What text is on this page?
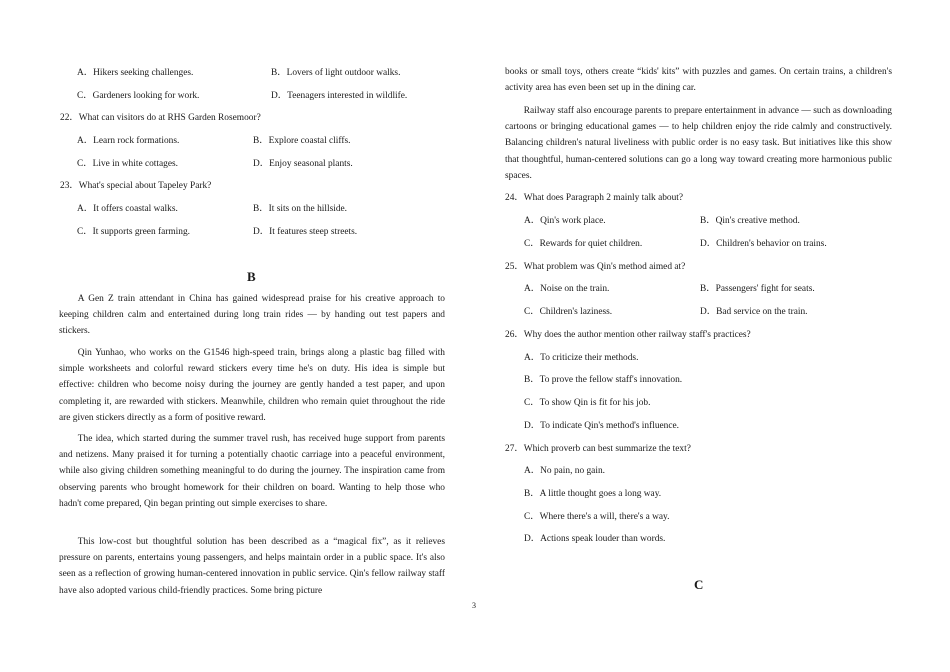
A．Hikers seeking challenges.	B．Lovers of light outdoor walks.
C．Gardeners looking for work.	D．Teenagers interested in wildlife.
22．What can visitors do at RHS Garden Rosemoor?
A．Learn rock formations.	B．Explore coastal cliffs.
C．Live in white cottages.	D．Enjoy seasonal plants.
23．What's special about Tapeley Park?
A．It offers coastal walks.	B．It sits on the hillside.
C．It supports green farming.	D．It features steep streets.
B
A Gen Z train attendant in China has gained widespread praise for his creative approach to keeping children calm and entertained during long train rides — by handing out test papers and stickers.
Qin Yunhao, who works on the G1546 high-speed train, brings along a plastic bag filled with simple worksheets and colorful reward stickers every time he's on duty. His idea is simple but effective: children who become noisy during the journey are gently handed a test paper, and upon completing it, are rewarded with stickers. Meanwhile, children who remain quiet throughout the ride are given stickers directly as a form of positive reward.
The idea, which started during the summer travel rush, has received huge support from parents and netizens. Many praised it for turning a potentially chaotic carriage into a peaceful environment, while also giving children something meaningful to do during the journey. The inspiration came from observing parents who brought homework for their children on board. Wanting to help those who hadn't come prepared, Qin began printing out simple exercises to share.
This low-cost but thoughtful solution has been described as a “magical fix”, as it relieves pressure on parents, entertains young passengers, and helps maintain order in a public space. It's also seen as a reflection of growing human-centered innovation in public service. Qin's fellow railway staff have also adopted various child-friendly practices. Some bring picture
books or small toys, others create “kids' kits” with puzzles and games. On certain trains, a children's activity area has even been set up in the dining car.
Railway staff also encourage parents to prepare entertainment in advance — such as downloading cartoons or bringing educational games — to help children enjoy the ride calmly and constructively. Balancing children's natural liveliness with public order is no easy task. But initiatives like this show that thoughtful, human-centered solutions can go a long way toward creating more harmonious public spaces.
24．What does Paragraph 2 mainly talk about?
A．Qin's work place.	B．Qin's creative method.
C．Rewards for quiet children.	D．Children's behavior on trains.
25．What problem was Qin's method aimed at?
A．Noise on the train.	B．Passengers' fight for seats.
C．Children's laziness.	D．Bad service on the train.
26．Why does the author mention other railway staff's practices?
A．To criticize their methods.
B．To prove the fellow staff's innovation.
C．To show Qin is fit for his job.
D．To indicate Qin's method's influence.
27．Which proverb can best summarize the text?
A．No pain, no gain.
B．A little thought goes a long way.
C．Where there's a will, there's a way.
D．Actions speak louder than words.
C
3
